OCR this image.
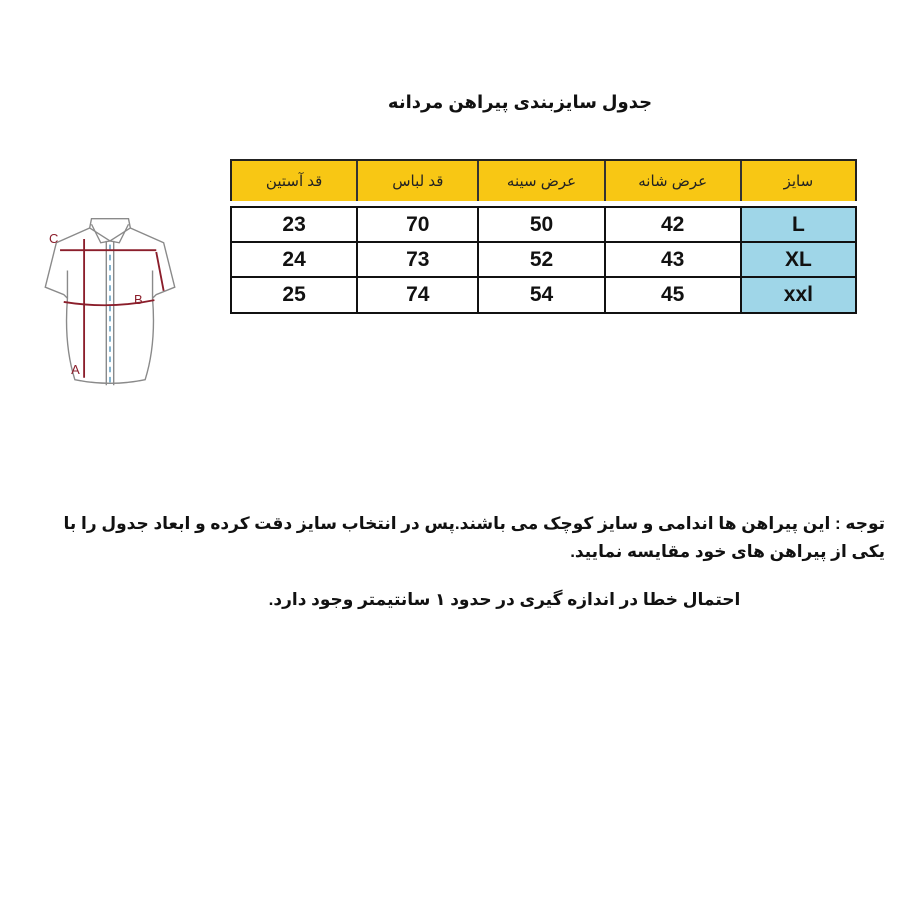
جدول سایزبندی پیراهن مردانه
سایز
عرض شانه
عرض سینه
قد لباس
قد آستین
L
42
50
70
23
XL
43
52
73
24
xxl
45
54
74
25
C
B
A
توجه : این پیراهن ها اندامی و سایز کوچک می باشند.پس در انتخاب سایز دقت کرده و ابعاد جدول را با یکی از پیراهن های خود مقایسه نمایید.
احتمال خطا در اندازه گیری در حدود ۱ سانتیمتر وجود دارد.
